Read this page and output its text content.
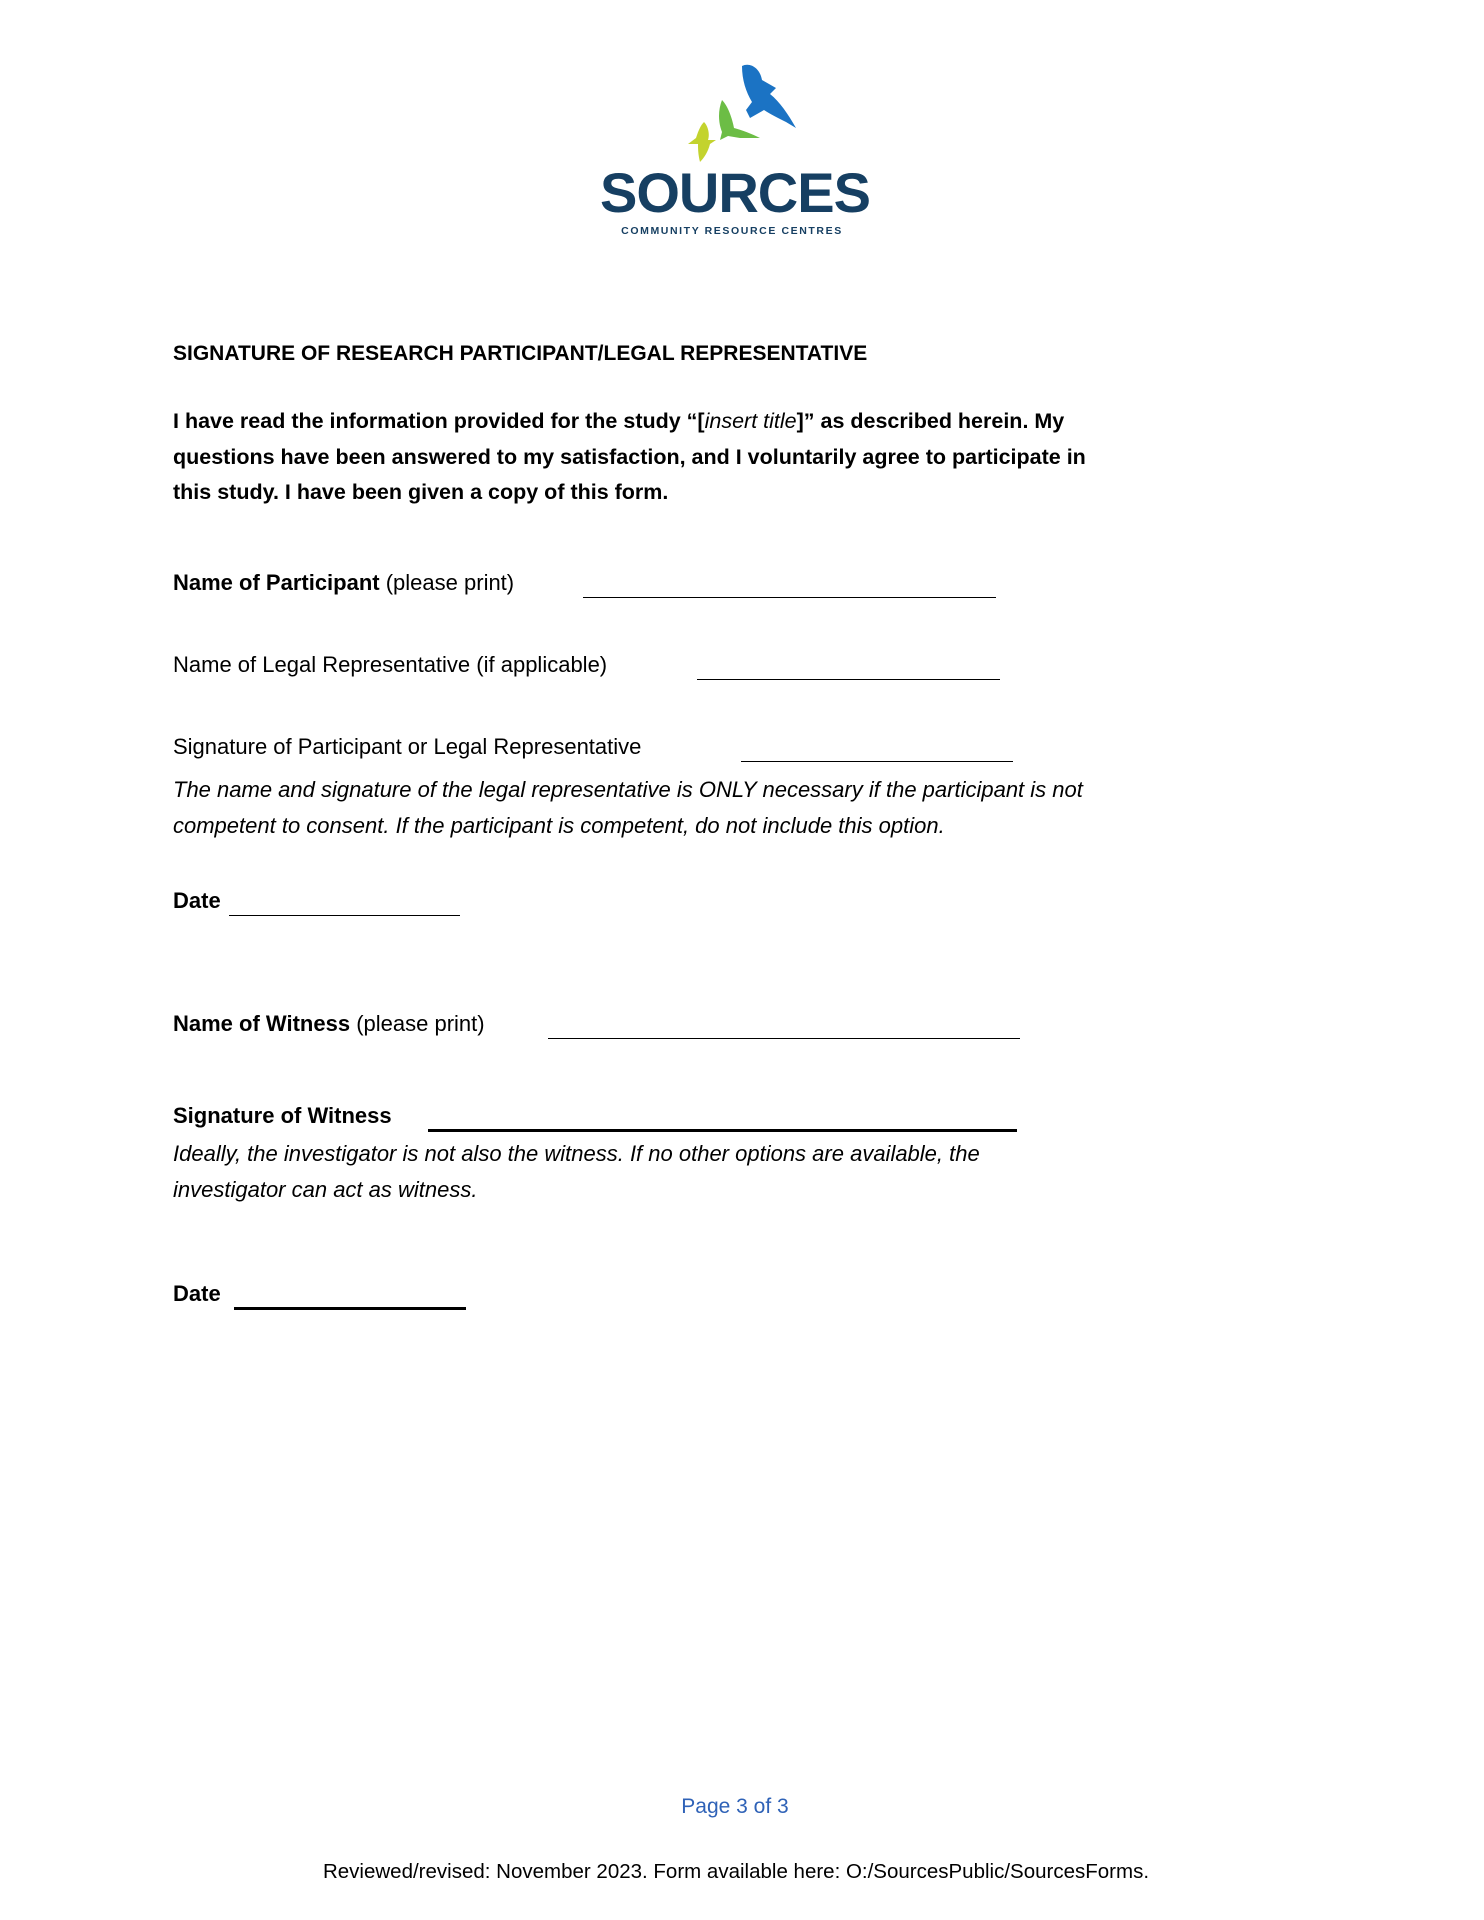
SOURCES
COMMUNITY RESOURCE CENTRES
SIGNATURE OF RESEARCH PARTICIPANT/LEGAL REPRESENTATIVE
I have read the information provided for the study “[insert title]” as described herein. My
questions have been answered to my satisfaction, and I voluntarily agree to participate in
this study. I have been given a copy of this form.
Name of Participant (please print)
Name of Legal Representative (if applicable)
Signature of Participant or Legal Representative
The name and signature of the legal representative is ONLY necessary if the participant is not
competent to consent. If the participant is competent, do not include this option.
Date
Name of Witness (please print)
Signature of Witness
Ideally, the investigator is not also the witness. If no other options are available, the
investigator can act as witness.
Date
Page 3 of 3
Reviewed/revised: November 2023. Form available here: O:/SourcesPublic/SourcesForms.
